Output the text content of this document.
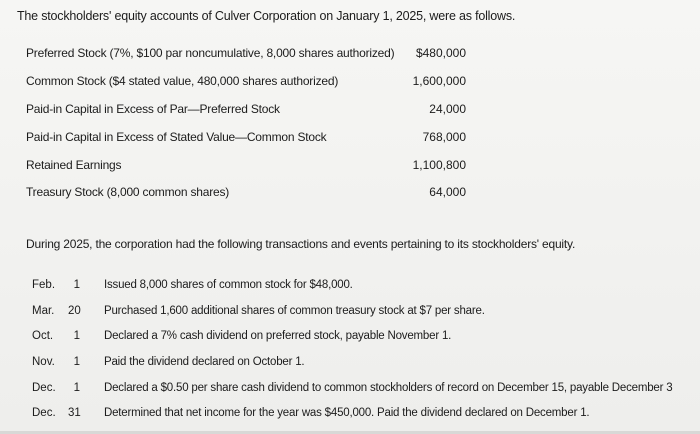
The stockholders' equity accounts of Culver Corporation on January 1, 2025, were as follows.
Preferred Stock (7%, $100 par noncumulative, 8,000 shares authorized) $480,000
Common Stock ($4 stated value, 480,000 shares authorized)	1,600,000
Paid-in Capital in Excess of Par—Preferred Stock	24,000
Paid-in Capital in Excess of Stated Value—Common Stock	768,000
Retained Earnings	1,100,800
Treasury Stock (8,000 common shares)	64,000
During 2025, the corporation had the following transactions and events pertaining to its stockholders' equity.
Feb.	1 Issued 8,000 shares of common stock for $48,000.
Mar. 20 Purchased 1,600 additional shares of common treasury stock at $7 per share.
Oct.	1 Declared a 7% cash dividend on preferred stock, payable November 1.
Nov.	1 Paid the dividend declared on October 1.
Dec.	1 Declared a $0.50 per share cash dividend to common stockholders of record on December 15, payable December 3
Dec. 31 Determined that net income for the year was $450,000. Paid the dividend declared on December 1.
